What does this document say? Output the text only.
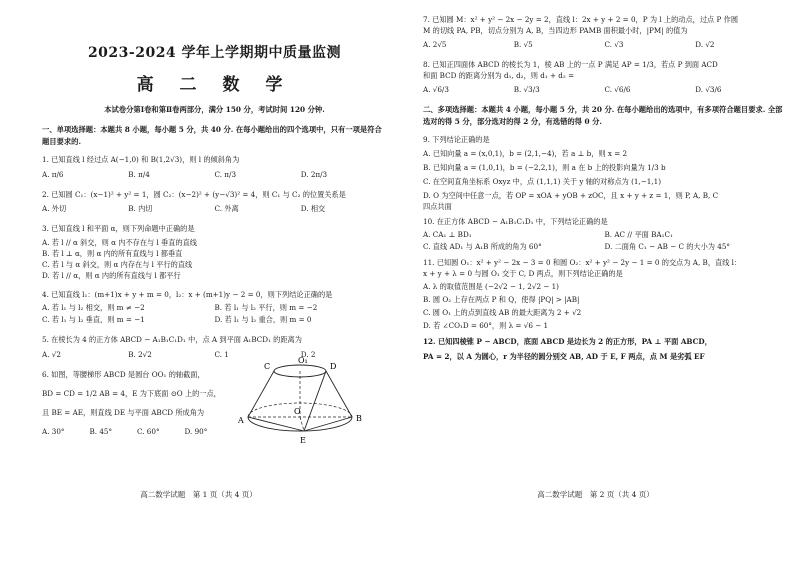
2023-2024 学年上学期期中质量监测
高 二 数 学
本试卷分第Ⅰ卷和第Ⅱ卷两部分，满分 150 分，考试时间 120 分钟.
一、单项选择题：本题共 8 小题，每小题 5 分，共 40 分. 在每小题给出的四个选项中，只有一项是符合题目要求的.
1. 已知直线 l 经过点 A(−1,0) 和 B(1,2√3)，则 l 的倾斜角为
A. π/6	B. π/4	C. π/3	D. 2π/3
2. 已知圆 C₁：(x−1)² + y² = 1，圆 C₂：(x−2)² + (y−√3)² = 4，则 C₁ 与 C₂ 的位置关系是
A. 外切	B. 内切	C. 外离	D. 相交
3. 已知直线 l 和平面 α，则下列命题中正确的是
A. 若 l // α 斜交，则 α 内不存在与 l 垂直的直线
B. 若 l ⊥ α，则 α 内的所有直线与 l 都垂直
C. 若 l 与 α 斜交，则 α 内存在与 l 平行的直线
D. 若 l // α，则 α 内的所有直线与 l 都平行
4. 已知直线 l₁：(m+1)x + y + m = 0，l₂：x + (m+1)y − 2 = 0，则下列结论正确的是
A. 若 l₁ 与 l₂ 相交，则 m ≠ −2	B. 若 l₁ 与 l₂ 平行，则 m = −2
C. 若 l₁ 与 l₂ 垂直，则 m = −1	D. 若 l₁ 与 l₂ 重合，则 m = 0
5. 在棱长为 4 的正方体 ABCD − A₁B₁C₁D₁ 中，点 A 到平面 A₁BCD₁ 的距离为
A. √2	B. 2√2	C. 1	D. 2
6. 如图，等腰梯形 ABCD 是圆台 OO₁ 的轴截面，
BD = CD = 1/2 AB = 4，E 为下底面 ⊙O 上的一点，
且 BE = AE，则直线 DE 与平面 ABCD 所成角为
A. 30°	B. 45°	C. 60°	D. 90°
C
O₁
D
A
O
B
E
高二数学试题　第 1 页（共 4 页）
7. 已知圆 M：x² + y² − 2x − 2y = 2，直线 l：2x + y + 2 = 0，P 为 l 上的动点，过点 P 作圆
M 的切线 PA, PB，切点分别为 A, B，当四边形 PAMB 面积最小时，|PM| 的值为
A. 2√5	B. √5	C. √3	D. √2
8. 已知正四面体 ABCD 的棱长为 1，棱 AB 上的一点 P 满足 AP = 1/3，若点 P 到面 ACD
和面 BCD 的距离分别为 d₁, d₂，则 d₁ + d₂ =
A. √6/3	B. √3/3	C. √6/6	D. √3/6
二、多项选择题：本题共 4 小题，每小题 5 分，共 20 分. 在每小题给出的选项中，有多项符合题目要求. 全部选对的得 5 分，部分选对的得 2 分，有选错的得 0 分.
9. 下列结论正确的是
A. 已知向量 a = (x,0,1)，b = (2,1,−4)，若 a ⊥ b，则 x = 2
B. 已知向量 a = (1,0,1)，b = (−2,2,1)，则 a 在 b 上的投影向量为 1/3 b
C. 在空间直角坐标系 Oxyz 中，点 (1,1,1) 关于 y 轴的对称点为 (1,−1,1)
D. O 为空间中任意一点，若 OP = xOA + yOB + zOC，且 x + y + z = 1，则 P, A, B, C
四点共面
10. 在正方体 ABCD − A₁B₁C₁D₁ 中，下列结论正确的是
A. CA₁ ⊥ BD₁	B. AC // 平面 BA₁C₁
C. 直线 AD₁ 与 A₁B 所成的角为 60°	D. 二面角 C₁ − AB − C 的大小为 45°
11. 已知圆 O₁：x² + y² − 2x − 3 = 0 和圆 O₂：x² + y² − 2y − 1 = 0 的交点为 A, B，直线 l：
x + y + λ = 0 与圆 O₁ 交于 C, D 两点，则下列结论正确的是
A. λ 的取值范围是 (−2√2 − 1, 2√2 − 1)
B. 圆 O₂ 上存在两点 P 和 Q，使得 |PQ| > |AB|
C. 圆 O₁ 上的点到直线 AB 的最大距离为 2 + √2
D. 若 ∠CO₁D = 60°，则 λ = √6 − 1
12. 已知四棱锥 P − ABCD，底面 ABCD 是边长为 2 的正方形，PA ⊥ 平面 ABCD，
PA = 2，以 A 为圆心，r 为半径的圆分别交 AB, AD 于 E, F 两点，点 M 是劣弧 EF
高二数学试题　第 2 页（共 4 页）
